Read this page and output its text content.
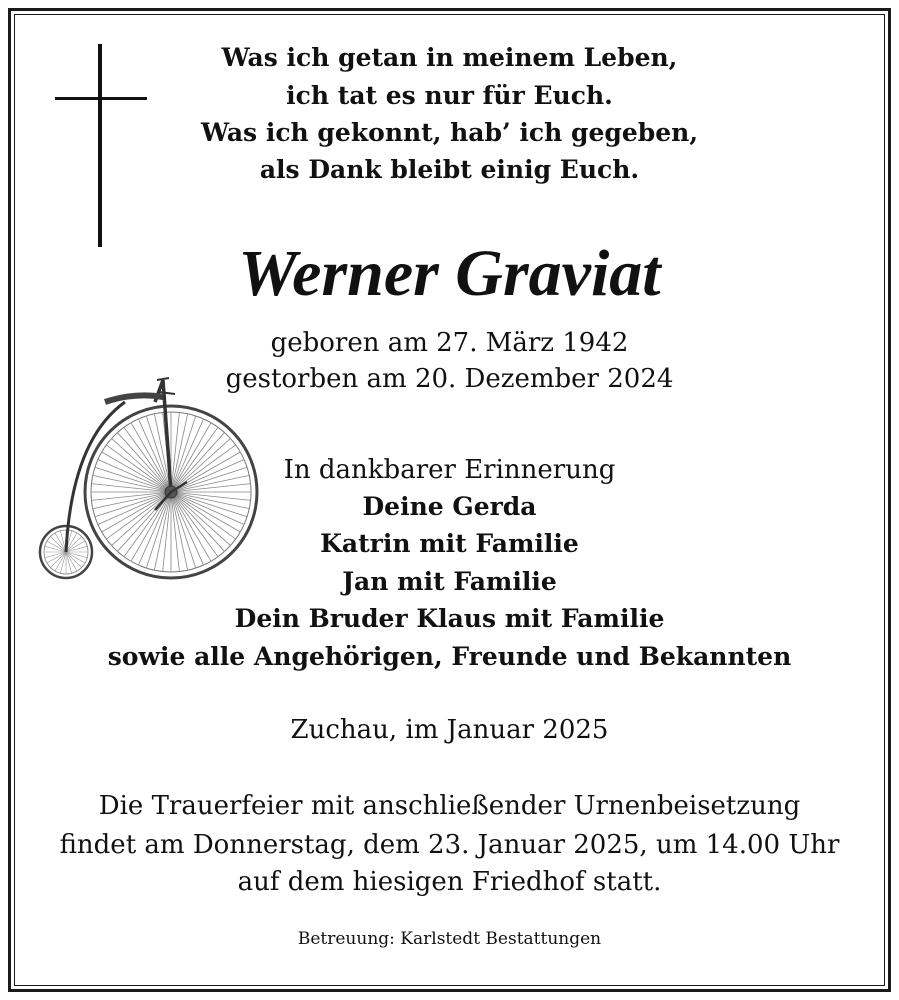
Was ich getan in meinem Leben,

ich tat es nur für Euch.

Was ich gekonnt, hab’ ich gegeben,

als Dank bleibt einig Euch.

Werner Graviat

geboren am 27. März 1942

gestorben am 20. Dezember 2024

In dankbarer Erinnerung

Deine Gerda

Katrin mit Familie

Jan mit Familie

Dein Bruder Klaus mit Familie

sowie alle Angehörigen, Freunde und Bekannten

Zuchau, im Januar 2025

Die Trauerfeier mit anschließender Urnenbeisetzung

findet am Donnerstag, dem 23. Januar 2025, um 14.00 Uhr

auf dem hiesigen Friedhof statt.

Betreuung: Karlstedt Bestattungen
